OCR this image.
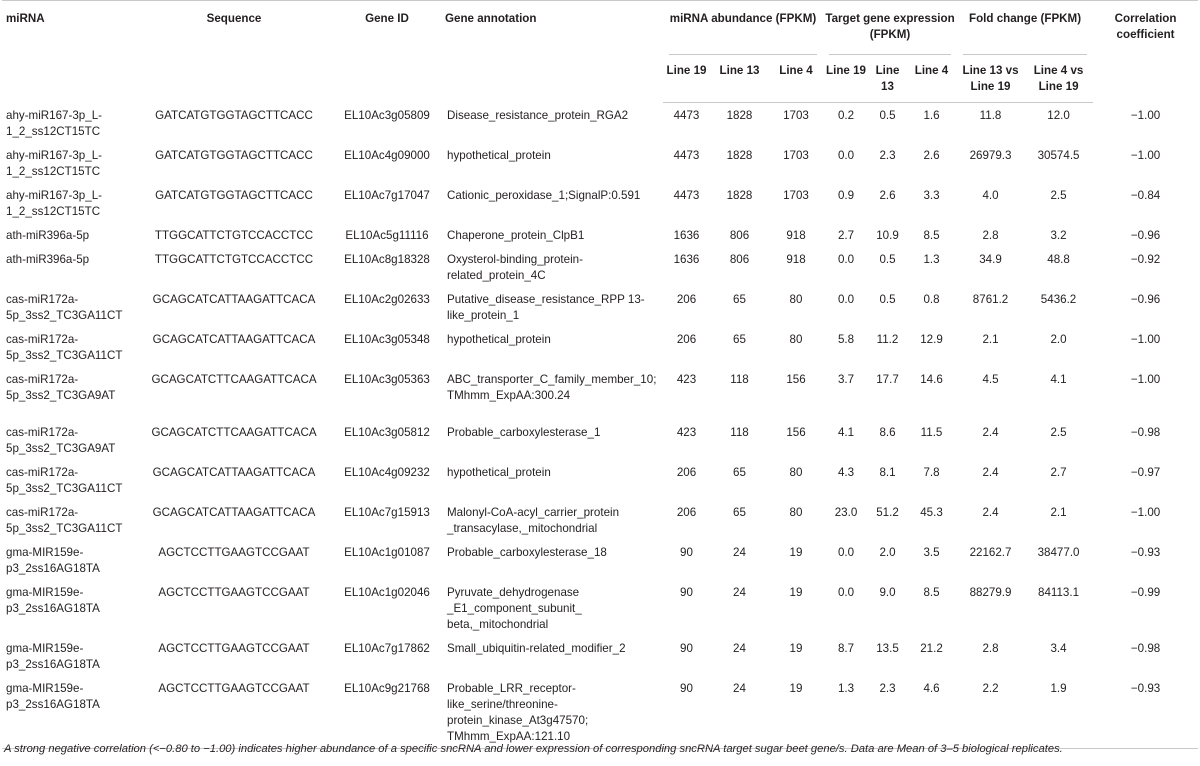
miRNA	Sequence	Gene ID	Gene annotation	miRNA abundance (FPKM)			Target gene expression (FPKM)			Fold change (FPKM)		Correlation coefficient
				Line 19	Line 13	Line 4	Line 19	Line 13	Line 4	Line 13 vs Line 19	Line 4 vs Line 19	
ahy-miR167-3p_L-1_2_ss12CT15TC	GATCATGTGGTAGCTTCACC	EL10Ac3g05809	Disease_resistance_protein_RGA2	4473	1828	1703	0.2	0.5	1.6	11.8	12.0	−1.00
ahy-miR167-3p_L-1_2_ss12CT15TC	GATCATGTGGTAGCTTCACC	EL10Ac4g09000	hypothetical_protein	4473	1828	1703	0.0	2.3	2.6	26979.3	30574.5	−1.00
ahy-miR167-3p_L-1_2_ss12CT15TC	GATCATGTGGTAGCTTCACC	EL10Ac7g17047	Cationic_peroxidase_1;SignalP:0.591	4473	1828	1703	0.9	2.6	3.3	4.0	2.5	−0.84
ath-miR396a-5p	TTGGCATTCTGTCCACCTCC	EL10Ac5g11116	Chaperone_protein_ClpB1	1636	806	918	2.7	10.9	8.5	2.8	3.2	−0.96
ath-miR396a-5p	TTGGCATTCTGTCCACCTCC	EL10Ac8g18328	Oxysterol-binding_protein-related_protein_4C	1636	806	918	0.0	0.5	1.3	34.9	48.8	−0.92
cas-miR172a-5p_3ss2_TC3GA11CT	GCAGCATCATTAAGATTCACA	EL10Ac2g02633	Putative_disease_resistance_RPP 13-like_protein_1	206	65	80	0.0	0.5	0.8	8761.2	5436.2	−0.96
cas-miR172a-5p_3ss2_TC3GA11CT	GCAGCATCATTAAGATTCACA	EL10Ac3g05348	hypothetical_protein	206	65	80	5.8	11.2	12.9	2.1	2.0	−1.00
cas-miR172a-5p_3ss2_TC3GA9AT	GCAGCATCTTCAAGATTCACA	EL10Ac3g05363	ABC_transporter_C_family_member_10; TMhmm_ExpAA:300.24	423	118	156	3.7	17.7	14.6	4.5	4.1	−1.00
cas-miR172a-5p_3ss2_TC3GA9AT	GCAGCATCTTCAAGATTCACA	EL10Ac3g05812	Probable_carboxylesterase_1	423	118	156	4.1	8.6	11.5	2.4	2.5	−0.98
cas-miR172a-5p_3ss2_TC3GA11CT	GCAGCATCATTAAGATTCACA	EL10Ac4g09232	hypothetical_protein	206	65	80	4.3	8.1	7.8	2.4	2.7	−0.97
cas-miR172a-5p_3ss2_TC3GA11CT	GCAGCATCATTAAGATTCACA	EL10Ac7g15913	Malonyl-CoA-acyl_carrier_protein _transacylase,_mitochondrial	206	65	80	23.0	51.2	45.3	2.4	2.1	−1.00
gma-MIR159e-p3_2ss16AG18TA	AGCTCCTTGAAGTCCGAAT	EL10Ac1g01087	Probable_carboxylesterase_18	90	24	19	0.0	2.0	3.5	22162.7	38477.0	−0.93
gma-MIR159e-p3_2ss16AG18TA	AGCTCCTTGAAGTCCGAAT	EL10Ac1g02046	Pyruvate_dehydrogenase _E1_component_subunit_ beta,_mitochondrial	90	24	19	0.0	9.0	8.5	88279.9	84113.1	−0.99
gma-MIR159e-p3_2ss16AG18TA	AGCTCCTTGAAGTCCGAAT	EL10Ac7g17862	Small_ubiquitin-related_modifier_2	90	24	19	8.7	13.5	21.2	2.8	3.4	−0.98
gma-MIR159e-p3_2ss16AG18TA	AGCTCCTTGAAGTCCGAAT	EL10Ac9g21768	Probable_LRR_receptor-like_serine/threonine-protein_kinase_At3g47570; TMhmm_ExpAA:121.10	90	24	19	1.3	2.3	4.6	2.2	1.9	−0.93
A strong negative correlation (<−0.80 to −1.00) indicates higher abundance of a specific sncRNA and lower expression of corresponding sncRNA target sugar beet gene/s. Data are Mean of 3–5 biological replicates.
